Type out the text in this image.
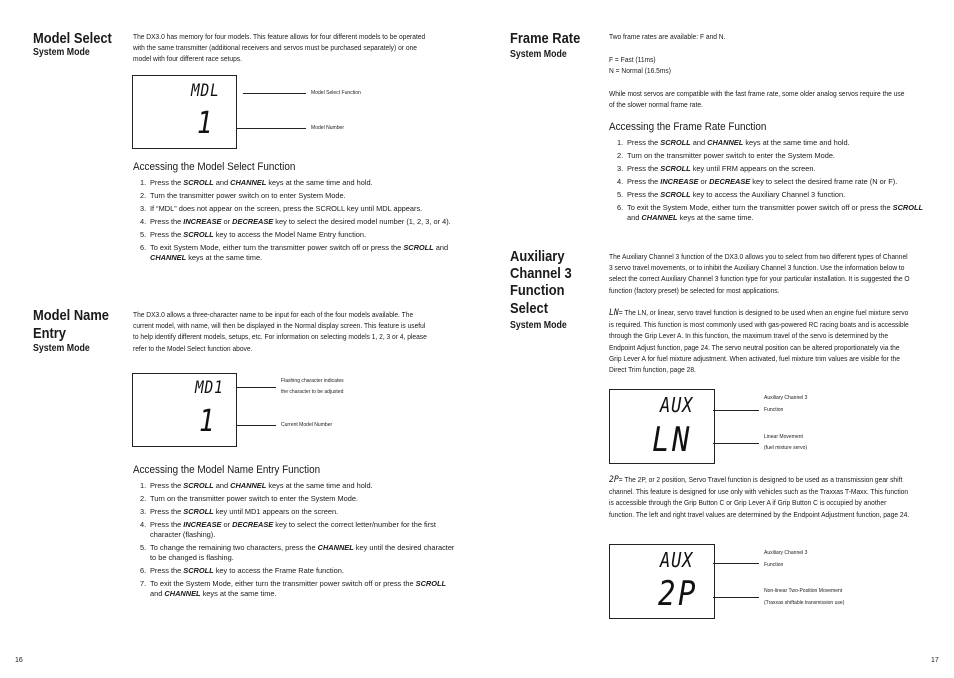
Model Select
System Mode
The DX3.0 has memory for four models. This feature allows for four different models to be operated with the same transmitter (additional receivers and servos must be purchased separately) or one model with four different race setups.
MDL
1
Model Select Function
Model Number
Accessing the Model Select Function
1. Press the SCROLL and CHANNEL keys at the same time and hold.
2. Turn the transmitter power switch on to enter System Mode.
3. If “MDL” does not appear on the screen, press the SCROLL key until MDL appears.
4. Press the INCREASE or DECREASE key to select the desired model number (1, 2, 3, or 4).
5. Press the SCROLL key to access the Model Name Entry function.
6. To exit System Mode, either turn the transmitter power switch off or press the SCROLL and CHANNEL keys at the same time.
Model Name
Entry
System Mode
The DX3.0 allows a three-character name to be input for each of the four models available. The current model, with name, will then be displayed in the Normal display screen. This feature is useful to help identify different models, setups, etc. For information on selecting models 1, 2, 3 or 4, please refer to the Model Select function above.
MD1
1
Flashing character indicates
the character to be adjusted
Current Model Number
Accessing the Model Name Entry Function
1. Press the SCROLL and CHANNEL keys at the same time and hold.
2. Turn on the transmitter power switch to enter the System Mode.
3. Press the SCROLL key until MD1 appears on the screen.
4. Press the INCREASE or DECREASE key to select the correct letter/number for the first character (flashing).
5. To change the remaining two characters, press the CHANNEL key until the desired character to be changed is flashing.
6. Press the SCROLL key to access the Frame Rate function.
7. To exit the System Mode, either turn the transmitter power switch off or press the SCROLL and CHANNEL keys at the same time.
16
Frame Rate
System Mode
Two frame rates are available: F and N.
F = Fast (11ms)
N = Normal (16.5ms)
While most servos are compatible with the fast frame rate, some older analog servos require the use of the slower normal frame rate.
Accessing the Frame Rate Function
1. Press the SCROLL and CHANNEL keys at the same time and hold.
2. Turn on the transmitter power switch to enter the System Mode.
3. Press the SCROLL key until FRM appears on the screen.
4. Press the INCREASE or DECREASE key to select the desired frame rate (N or F).
5. Press the SCROLL key to access the Auxiliary Channel 3 function.
6. To exit the System Mode, either turn the transmitter power switch off or press the SCROLL and CHANNEL keys at the same time.
Auxiliary
Channel 3
Function
Select
System Mode
The Auxiliary Channel 3 function of the DX3.0 allows you to select from two different types of Channel 3 servo travel movements, or to inhibit the Auxiliary Channel 3 function. Use the information below to select the correct Auxiliary Channel 3 function type for your particular installation. It is suggested the O function (factory preset) be selected for most applications.
LN= The LN, or linear, servo travel function is designed to be used when an engine fuel mixture servo is required. This function is most commonly used with gas-powered RC racing boats and is accessible through the Grip Lever A. In this function, the maximum travel of the servo is determined by the Endpoint Adjust function, page 24. The servo neutral position can be altered proportionately via the Grip Lever A for fuel mixture adjustment. When activated, fuel mixture trim values are visible for the Direct Trim function, page 28.
AUX
LN
Auxiliary Channel 3
Function
Linear Movement
(fuel mixture servo)
2P= The 2P, or 2 position, Servo Travel function is designed to be used as a transmission gear shift channel. This feature is designed for use only with vehicles such as the Traxxas T-Maxx. This function is accessible through the Grip Button C or Grip Lever A if Grip Button C is occupied by another function. The left and right travel values are determined by the Endpoint Adjustment function, page 24.
AUX
2P
Auxiliary Channel 3
Function
Non-linear Two-Position Movement
(Traxxas shiftable transmission use)
17
